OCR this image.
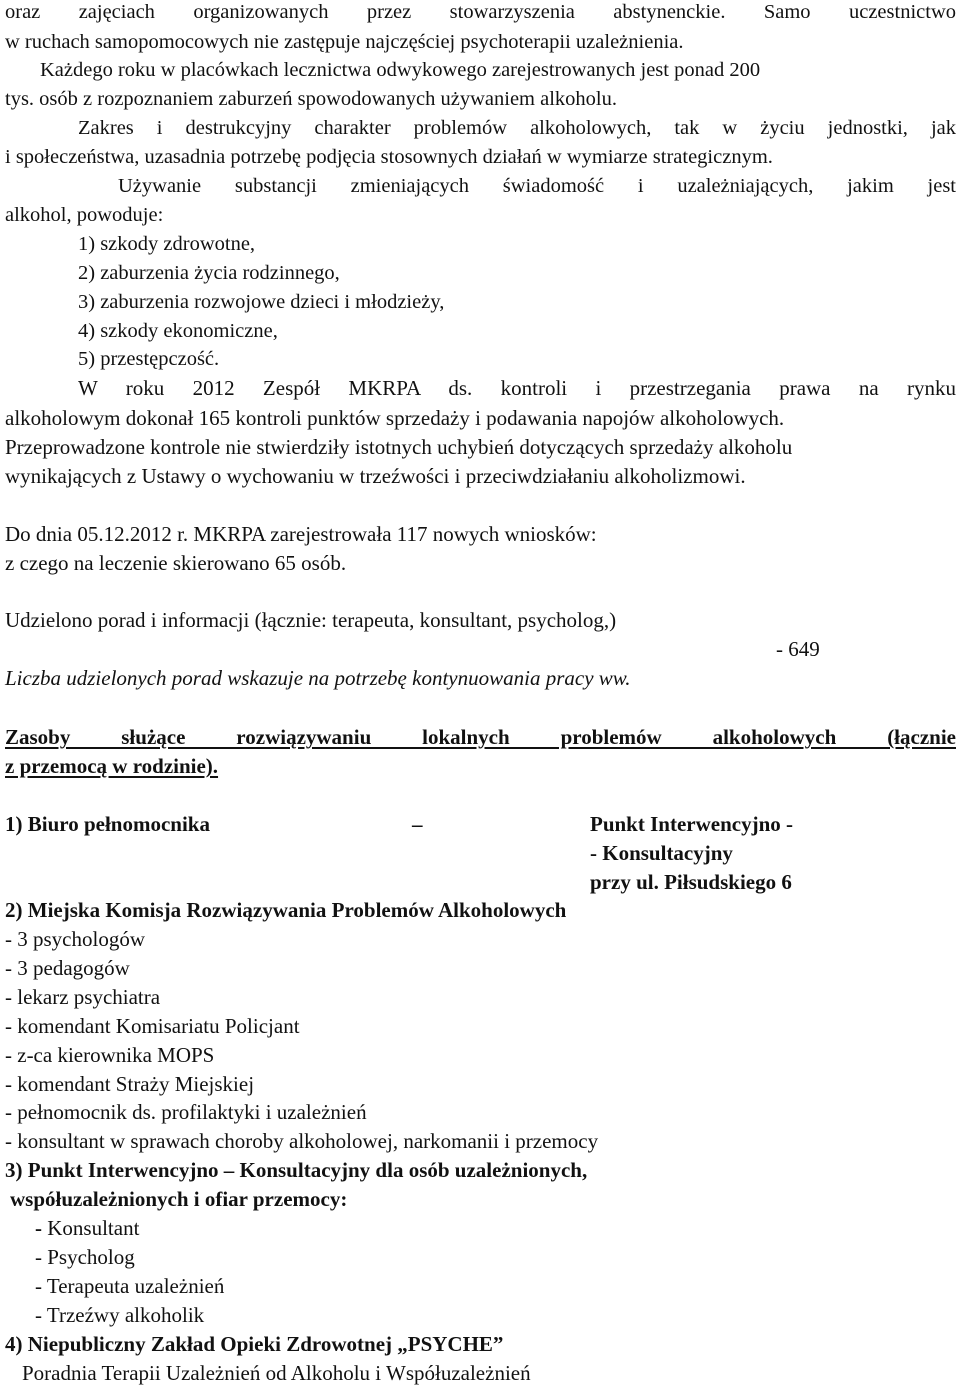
oraz zajęciach organizowanych przez stowarzyszenia abstynenckie. Samo uczestnictwo
w ruchach samopomocowych nie zastępuje najczęściej psychoterapii uzależnienia.
Każdego roku w placówkach lecznictwa odwykowego zarejestrowanych jest ponad 200
tys. osób z rozpoznaniem zaburzeń spowodowanych używaniem alkoholu.
Zakres i destrukcyjny charakter problemów alkoholowych, tak w życiu jednostki, jak
i społeczeństwa, uzasadnia potrzebę podjęcia stosownych działań w wymiarze strategicznym.
Używanie substancji zmieniających świadomość i uzależniających, jakim jest
alkohol, powoduje:
1) szkody zdrowotne,
2) zaburzenia życia rodzinnego,
3) zaburzenia rozwojowe dzieci i młodzieży,
4) szkody ekonomiczne,
5) przestępczość.
W roku 2012 Zespół MKRPA ds. kontroli i przestrzegania prawa na rynku
alkoholowym dokonał 165 kontroli punktów sprzedaży i podawania napojów alkoholowych.
Przeprowadzone kontrole nie stwierdziły istotnych uchybień dotyczących sprzedaży alkoholu
wynikających z Ustawy o wychowaniu w trzeźwości i przeciwdziałaniu alkoholizmowi.
Do dnia 05.12.2012 r. MKRPA zarejestrowała 117 nowych wniosków:
z czego na leczenie skierowano 65 osób.
Udzielono porad i informacji (łącznie: terapeuta, konsultant, psycholog,)
- 649
Liczba udzielonych porad wskazuje na potrzebę kontynuowania pracy ww.
Zasoby służące rozwiązywaniu lokalnych problemów alkoholowych (łącznie
z przemocą w rodzinie).
1) Biuro pełnomocnika	–	Punkt Interwencyjno -
- Konsultacyjny
przy ul. Piłsudskiego 6
2) Miejska Komisja Rozwiązywania Problemów Alkoholowych
- 3 psychologów
- 3 pedagogów
- lekarz psychiatra
- komendant Komisariatu Policjant
- z-ca kierownika MOPS
- komendant Straży Miejskiej
- pełnomocnik ds. profilaktyki i uzależnień
- konsultant w sprawach choroby alkoholowej, narkomanii i przemocy
3) Punkt Interwencyjno – Konsultacyjny dla osób uzależnionych,
współuzależnionych i ofiar przemocy:
- Konsultant
- Psycholog
- Terapeuta uzależnień
- Trzeźwy alkoholik
4) Niepubliczny Zakład Opieki Zdrowotnej „PSYCHE”
Poradnia Terapii Uzależnień od Alkoholu i Współuzależnień
